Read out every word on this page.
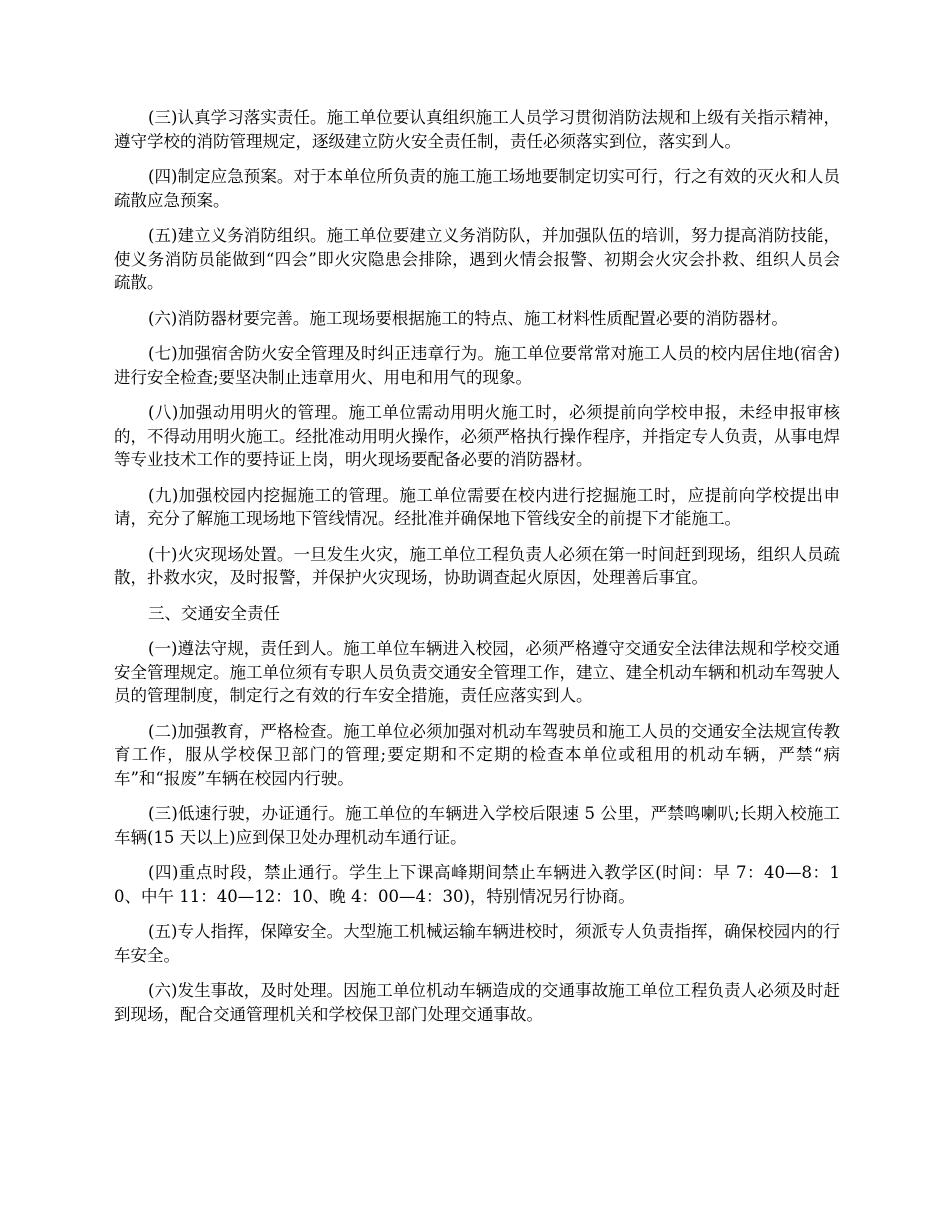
(三)认真学习落实责任。施工单位要认真组织施工人员学习贯彻消防法规和上级有关指示精神，遵守学校的消防管理规定，逐级建立防火安全责任制，责任必须落实到位，落实到人。

(四)制定应急预案。对于本单位所负责的施工施工场地要制定切实可行，行之有效的灭火和人员疏散应急预案。

(五)建立义务消防组织。施工单位要建立义务消防队，并加强队伍的培训，努力提高消防技能，使义务消防员能做到“四会”即火灾隐患会排除，遇到火情会报警、初期会火灾会扑救、组织人员会疏散。

(六)消防器材要完善。施工现场要根据施工的特点、施工材料性质配置必要的消防器材。

(七)加强宿舍防火安全管理及时纠正违章行为。施工单位要常常对施工人员的校内居住地(宿舍)进行安全检查;要坚决制止违章用火、用电和用气的现象。

(八)加强动用明火的管理。施工单位需动用明火施工时，必须提前向学校申报，未经申报审核的，不得动用明火施工。经批准动用明火操作，必须严格执行操作程序，并指定专人负责，从事电焊等专业技术工作的要持证上岗，明火现场要配备必要的消防器材。

(九)加强校园内挖掘施工的管理。施工单位需要在校内进行挖掘施工时，应提前向学校提出申请，充分了解施工现场地下管线情况。经批准并确保地下管线安全的前提下才能施工。

(十)火灾现场处置。一旦发生火灾，施工单位工程负责人必须在第一时间赶到现场，组织人员疏散，扑救水灾，及时报警，并保护火灾现场，协助调查起火原因，处理善后事宜。

三、交通安全责任

(一)遵法守规，责任到人。施工单位车辆进入校园，必须严格遵守交通安全法律法规和学校交通安全管理规定。施工单位须有专职人员负责交通安全管理工作，建立、建全机动车辆和机动车驾驶人员的管理制度，制定行之有效的行车安全措施，责任应落实到人。

(二)加强教育，严格检查。施工单位必须加强对机动车驾驶员和施工人员的交通安全法规宣传教育工作，服从学校保卫部门的管理;要定期和不定期的检查本单位或租用的机动车辆，严禁“病车”和“报废”车辆在校园内行驶。

(三)低速行驶，办证通行。施工单位的车辆进入学校后限速 5 公里，严禁鸣喇叭;长期入校施工车辆(15 天以上)应到保卫处办理机动车通行证。

(四)重点时段，禁止通行。学生上下课高峰期间禁止车辆进入教学区(时间：早 7：40—8：10、中午 11：40—12：10、晚 4：00—4：30)，特别情况另行协商。

(五)专人指挥，保障安全。大型施工机械运输车辆进校时，须派专人负责指挥，确保校园内的行车安全。

(六)发生事故，及时处理。因施工单位机动车辆造成的交通事故施工单位工程负责人必须及时赶到现场，配合交通管理机关和学校保卫部门处理交通事故。
